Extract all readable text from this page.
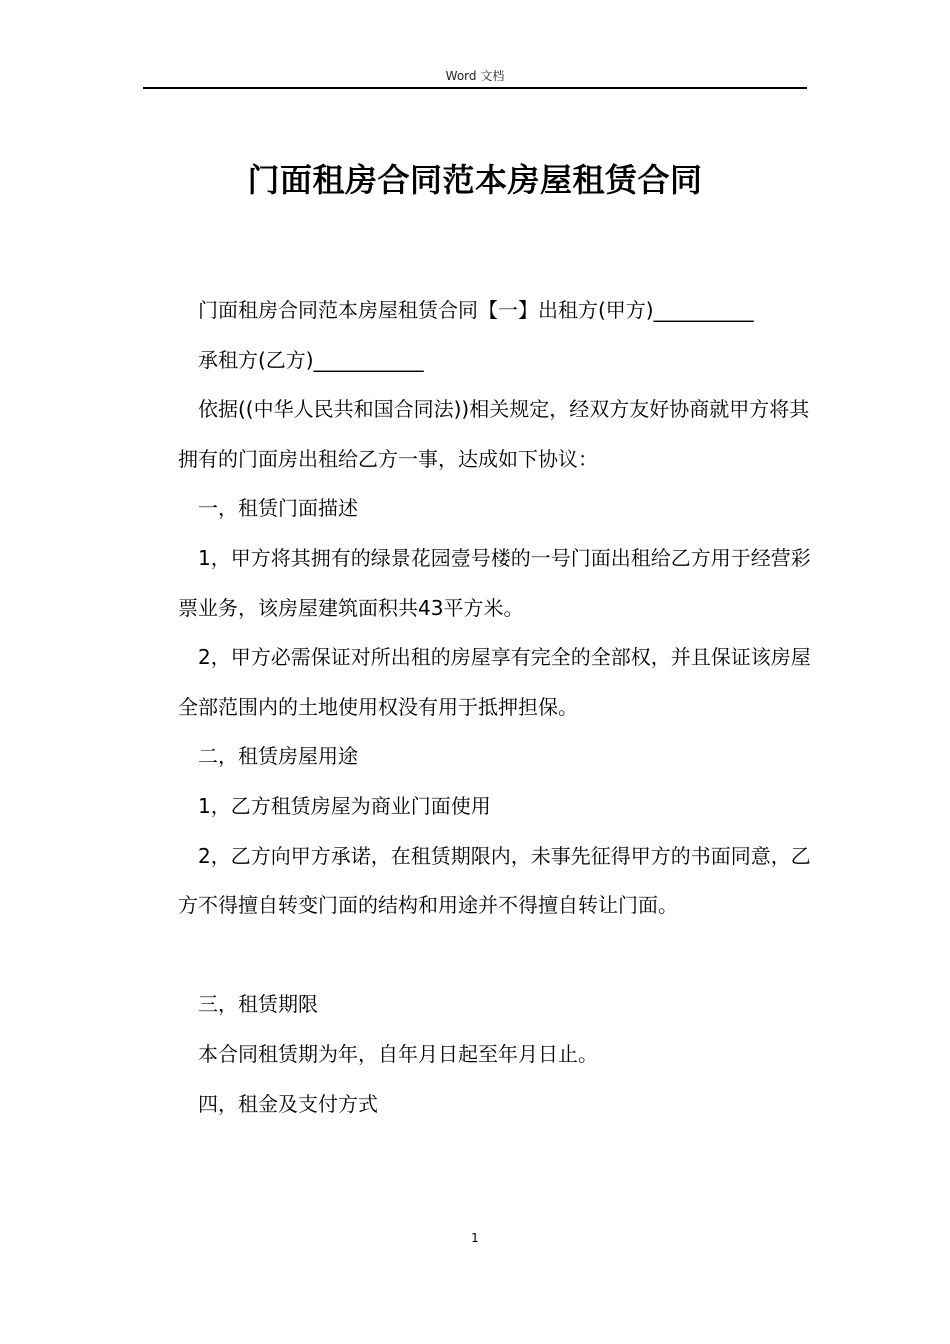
Word 文档
门面租房合同范本房屋租赁合同

门面租房合同范本房屋租赁合同【一】出租方(甲方)__________

承租方(乙方)___________

依据((中华人民共和国合同法))相关规定，经双方友好协商就甲方将其拥有的门面房出租给乙方一事，达成如下协议：

一，租赁门面描述

1，甲方将其拥有的绿景花园壹号楼的一号门面出租给乙方用于经营彩票业务，该房屋建筑面积共43平方米。

2，甲方必需保证对所出租的房屋享有完全的全部权，并且保证该房屋全部范围内的土地使用权没有用于抵押担保。

二，租赁房屋用途

1，乙方租赁房屋为商业门面使用

2，乙方向甲方承诺，在租赁期限内，未事先征得甲方的书面同意，乙方不得擅自转变门面的结构和用途并不得擅自转让门面。

三，租赁期限

本合同租赁期为年，自年月日起至年月日止。

四，租金及支付方式

1
